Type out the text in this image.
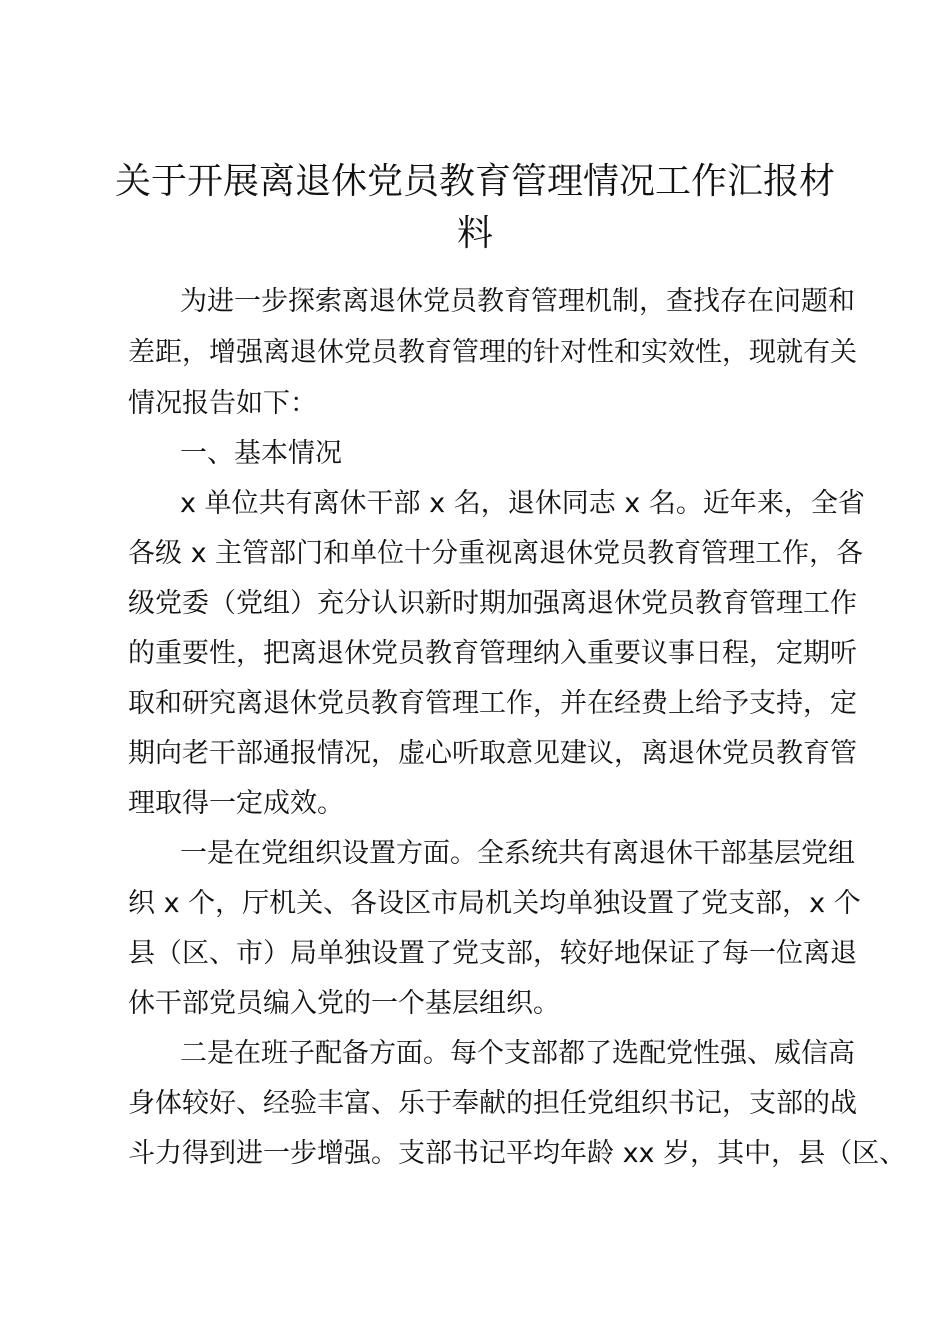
关于开展离退休党员教育管理情况工作汇报材
料
为进一步探索离退休党员教育管理机制，查找存在问题和
差距，增强离退休党员教育管理的针对性和实效性，现就有关
情况报告如下：
一、基本情况
x 单位共有离休干部 x 名，退休同志 x 名。近年来，全省
各级 x 主管部门和单位十分重视离退休党员教育管理工作，各
级党委（党组）充分认识新时期加强离退休党员教育管理工作
的重要性，把离退休党员教育管理纳入重要议事日程，定期听
取和研究离退休党员教育管理工作，并在经费上给予支持，定
期向老干部通报情况，虚心听取意见建议，离退休党员教育管
理取得一定成效。
一是在党组织设置方面。全系统共有离退休干部基层党组
织 x 个，厅机关、各设区市局机关均单独设置了党支部，x 个
县（区、市）局单独设置了党支部，较好地保证了每一位离退
休干部党员编入党的一个基层组织。
二是在班子配备方面。每个支部都了选配党性强、威信高
身体较好、经验丰富、乐于奉献的担任党组织书记，支部的战
斗力得到进一步增强。支部书记平均年龄 xx 岁，其中，县（区、
